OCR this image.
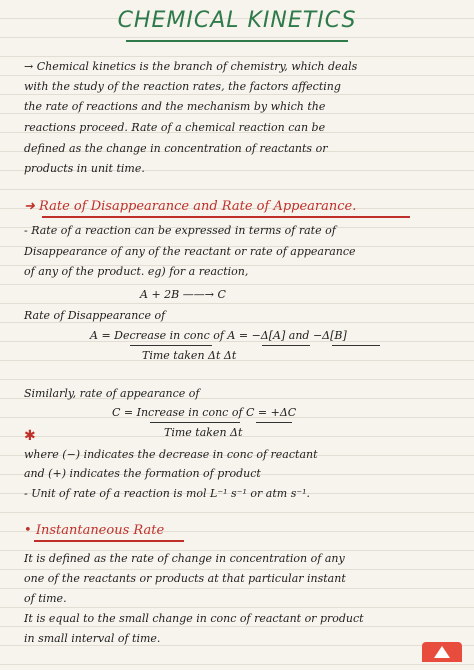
CHEMICAL KINETICS
→ Chemical kinetics is the branch of chemistry, which deals
with the study of the reaction rates, the factors affecting
the rate of reactions and the mechanism by which the
reactions proceed. Rate of a chemical reaction can be
defined as the change in concentration of reactants or
products in unit time.
➜ Rate of Disappearance and Rate of Appearance.
- Rate of a reaction can be expressed in terms of rate of
Disappearance of any of the reactant or rate of appearance
of any of the product. eg) for a reaction,
A + 2B ——→ C
Rate of Disappearance of
A = Decrease in conc of A = −Δ[A] and −Δ[B]
Time taken Δt Δt
Similarly, rate of appearance of
C = Increase in conc of C = +ΔC
Time taken Δt
✱
where (−) indicates the decrease in conc of reactant
and (+) indicates the formation of product
- Unit of rate of a reaction is mol L⁻¹ s⁻¹ or atm s⁻¹.
• Instantaneous Rate
It is defined as the rate of change in concentration of any
one of the reactants or products at that particular instant
of time.
It is equal to the small change in conc of reactant or product
in small interval of time.
